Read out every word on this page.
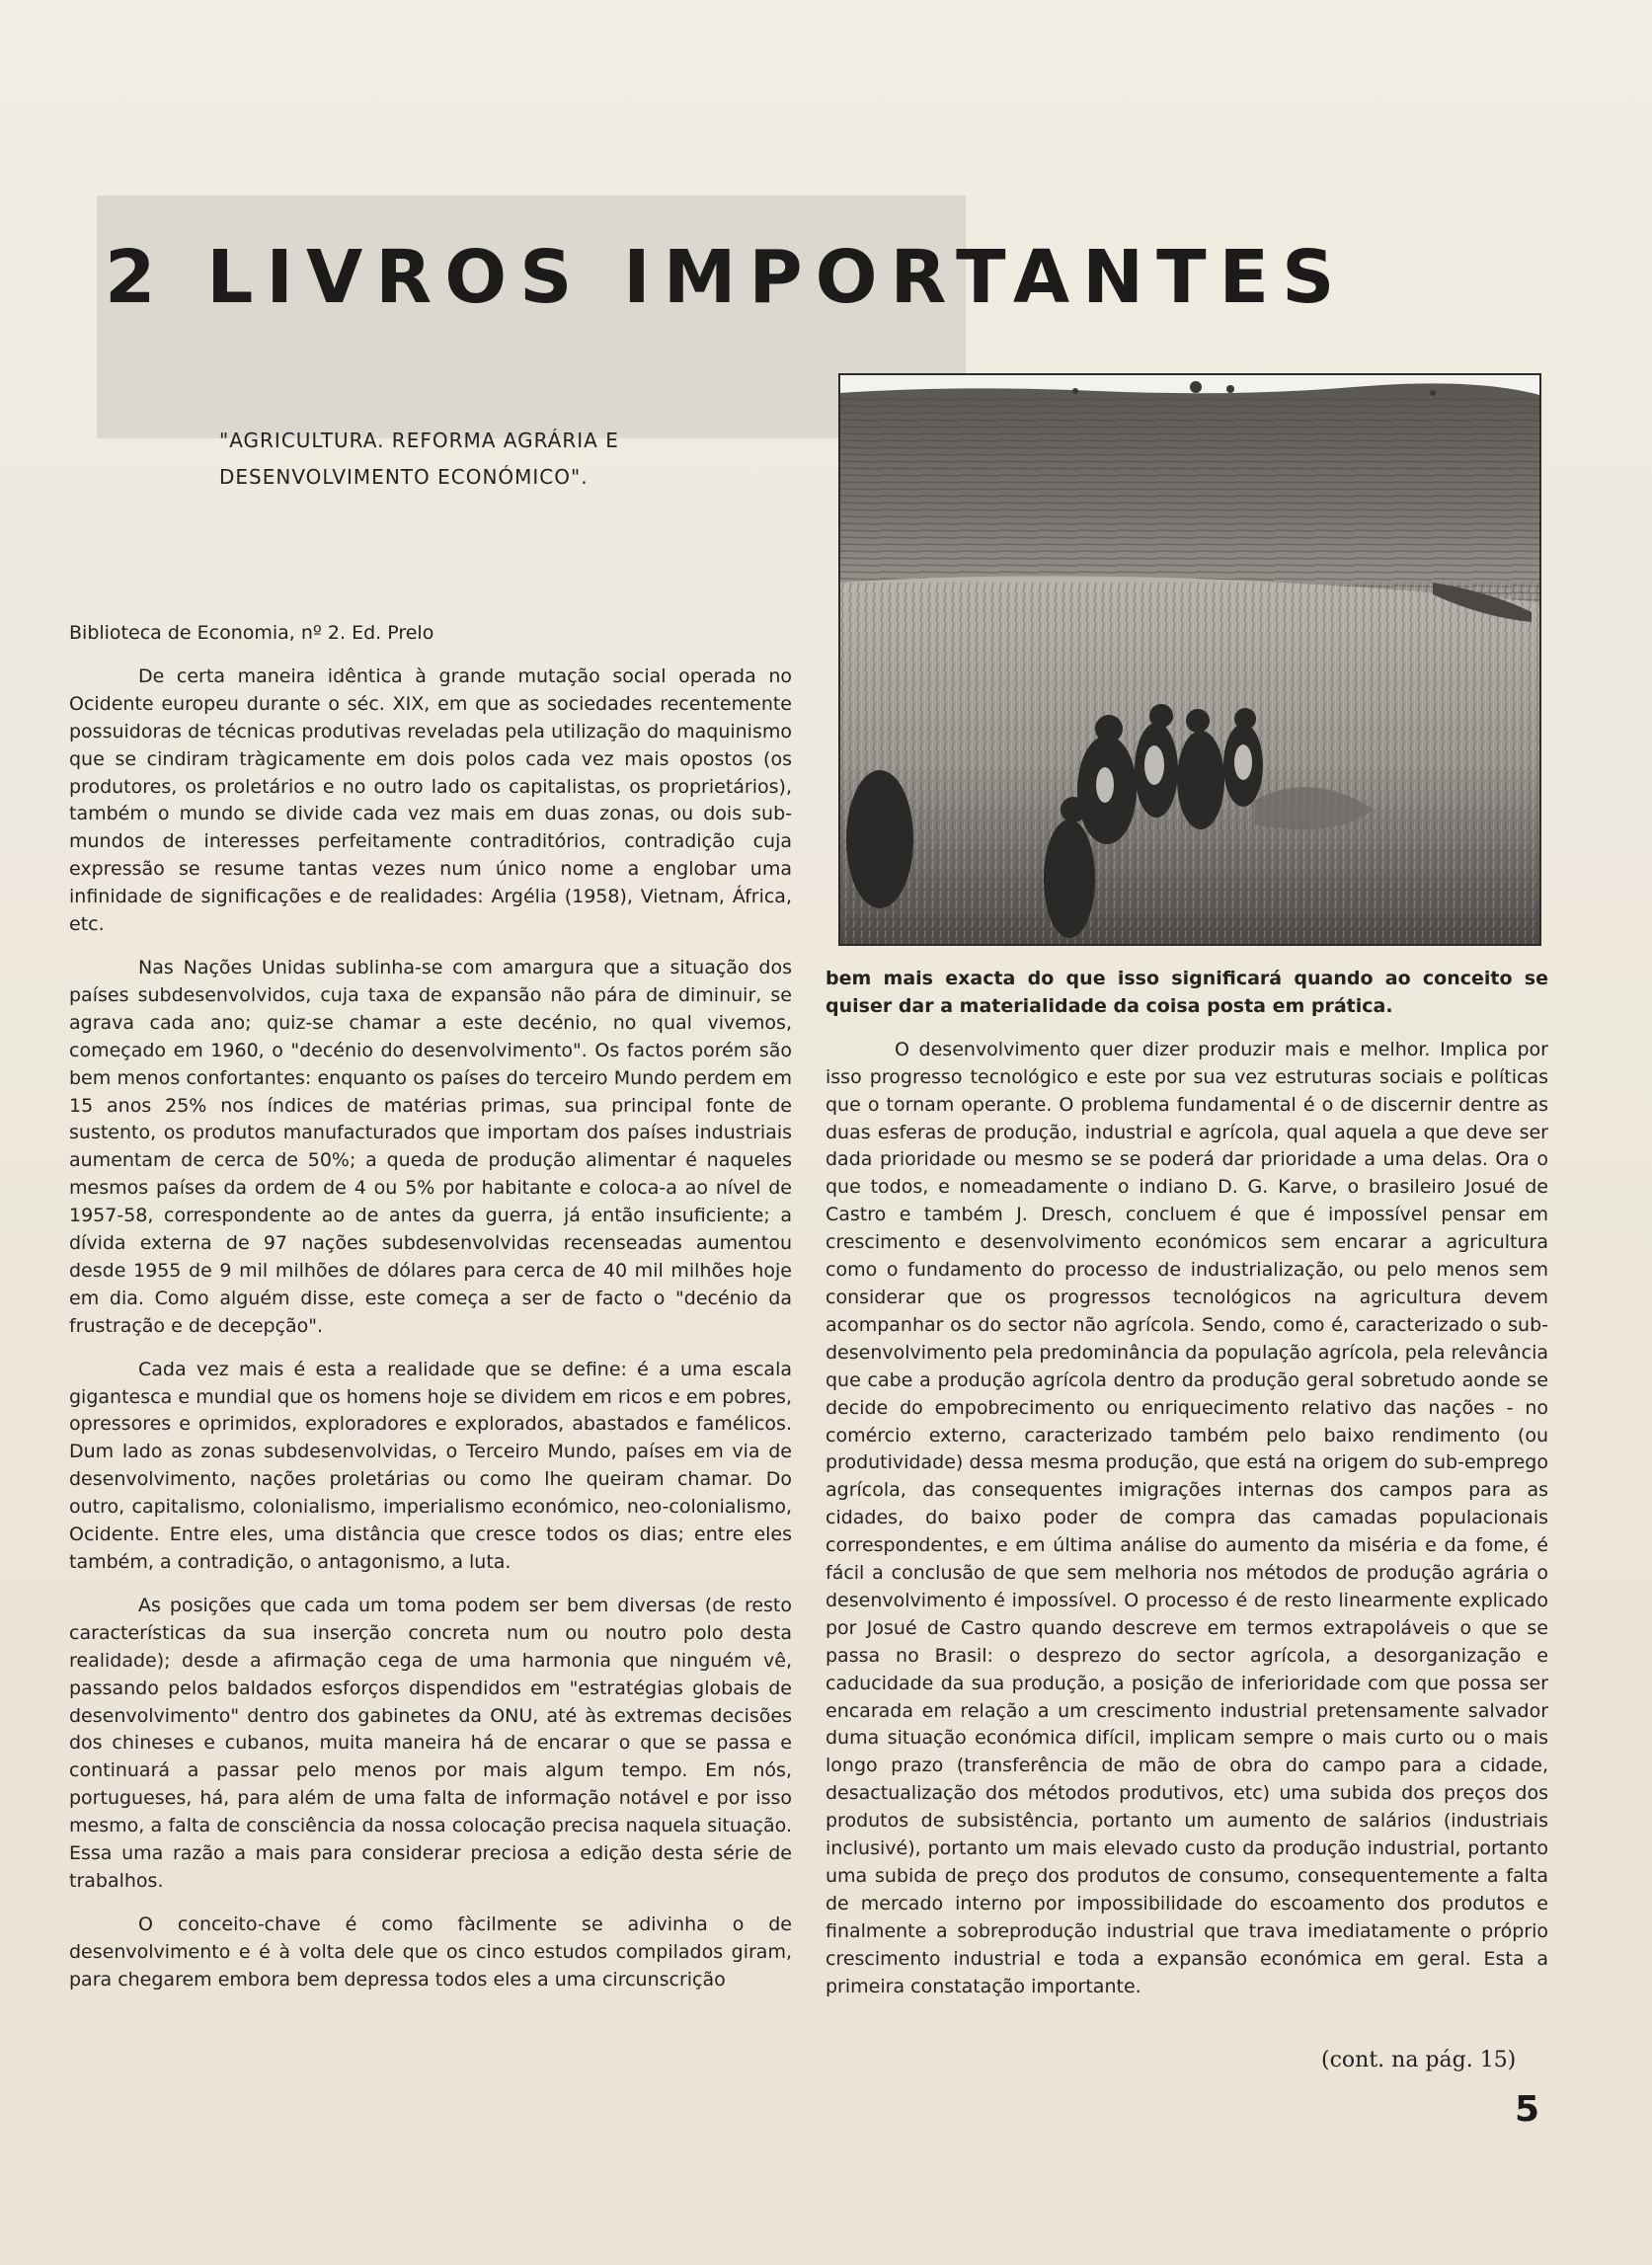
2 LIVROS IMPORTANTES
"AGRICULTURA. REFORMA AGRÁRIA E
DESENVOLVIMENTO ECONÓMICO".

Biblioteca de Economia, nº 2. Ed. Prelo

De certa maneira idêntica à grande mutação social operada no Ocidente europeu durante o séc. XIX, em que as sociedades recentemente possuidoras de técnicas produtivas reveladas pela utilização do maquinismo que se cindiram tràgicamente em dois polos cada vez mais opostos (os produtores, os proletários e no outro lado os capitalistas, os proprietários), também o mundo se divide cada vez mais em duas zonas, ou dois sub-mundos de interesses perfeitamente contraditórios, contradição cuja expressão se resume tantas vezes num único nome a englobar uma infinidade de significações e de realidades: Argélia (1958), Vietnam, África, etc.

Nas Nações Unidas sublinha-se com amargura que a situação dos países subdesenvolvidos, cuja taxa de expansão não pára de diminuir, se agrava cada ano; quiz-se chamar a este decénio, no qual vivemos, começado em 1960, o "decénio do desenvolvimento". Os factos porém são bem menos confortantes: enquanto os países do terceiro Mundo perdem em 15 anos 25% nos índices de matérias primas, sua principal fonte de sustento, os produtos manufacturados que importam dos países industriais aumentam de cerca de 50%; a queda de produção alimentar é naqueles mesmos países da ordem de 4 ou 5% por habitante e coloca-a ao nível de 1957-58, correspondente ao de antes da guerra, já então insuficiente; a dívida externa de 97 nações subdesenvolvidas recenseadas aumentou desde 1955 de 9 mil milhões de dólares para cerca de 40 mil milhões hoje em dia. Como alguém disse, este começa a ser de facto o "decénio da frustração e de decepção".

Cada vez mais é esta a realidade que se define: é a uma escala gigantesca e mundial que os homens hoje se dividem em ricos e em pobres, opressores e oprimidos, exploradores e explorados, abastados e famélicos. Dum lado as zonas subdesenvolvidas, o Terceiro Mundo, países em via de desenvolvimento, nações proletárias ou como lhe queiram chamar. Do outro, capitalismo, colonialismo, imperialismo económico, neo-colonialismo, Ocidente. Entre eles, uma distância que cresce todos os dias; entre eles também, a contradição, o antagonismo, a luta.

As posições que cada um toma podem ser bem diversas (de resto características da sua inserção concreta num ou noutro polo desta realidade); desde a afirmação cega de uma harmonia que ninguém vê, passando pelos baldados esforços dispendidos em "estratégias globais de desenvolvimento" dentro dos gabinetes da ONU, até às extremas decisões dos chineses e cubanos, muita maneira há de encarar o que se passa e continuará a passar pelo menos por mais algum tempo. Em nós, portugueses, há, para além de uma falta de informação notável e por isso mesmo, a falta de consciência da nossa colocação precisa naquela situação. Essa uma razão a mais para considerar preciosa a edição desta série de trabalhos.

O conceito-chave é como fàcilmente se adivinha o de desenvolvimento e é à volta dele que os cinco estudos compilados giram, para chegarem embora bem depressa todos eles a uma circunscrição

bem mais exacta do que isso significará quando ao conceito se quiser dar a materialidade da coisa posta em prática.

O desenvolvimento quer dizer produzir mais e melhor. Implica por isso progresso tecnológico e este por sua vez estruturas sociais e políticas que o tornam operante. O problema fundamental é o de discernir dentre as duas esferas de produção, industrial e agrícola, qual aquela a que deve ser dada prioridade ou mesmo se se poderá dar prioridade a uma delas. Ora o que todos, e nomeadamente o indiano D. G. Karve, o brasileiro Josué de Castro e também J. Dresch, concluem é que é impossível pensar em crescimento e desenvolvimento económicos sem encarar a agricultura como o fundamento do processo de industrialização, ou pelo menos sem considerar que os progressos tecnológicos na agricultura devem acompanhar os do sector não agrícola. Sendo, como é, caracterizado o sub-desenvolvimento pela predominância da população agrícola, pela relevância que cabe a produção agrícola dentro da produção geral sobretudo aonde se decide do empobrecimento ou enriquecimento relativo das nações - no comércio externo, caracterizado também pelo baixo rendimento (ou produtividade) dessa mesma produção, que está na origem do sub-emprego agrícola, das consequentes imigrações internas dos campos para as cidades, do baixo poder de compra das camadas populacionais correspondentes, e em última análise do aumento da miséria e da fome, é fácil a conclusão de que sem melhoria nos métodos de produção agrária o desenvolvimento é impossível. O processo é de resto linearmente explicado por Josué de Castro quando descreve em termos extrapoláveis o que se passa no Brasil: o desprezo do sector agrícola, a desorganização e caducidade da sua produção, a posição de inferioridade com que possa ser encarada em relação a um crescimento industrial pretensamente salvador duma situação económica difícil, implicam sempre o mais curto ou o mais longo prazo (transferência de mão de obra do campo para a cidade, desactualização dos métodos produtivos, etc) uma subida dos preços dos produtos de subsistência, portanto um aumento de salários (industriais inclusivé), portanto um mais elevado custo da produção industrial, portanto uma subida de preço dos produtos de consumo, consequentemente a falta de mercado interno por impossibilidade do escoamento dos produtos e finalmente a sobreprodução industrial que trava imediatamente o próprio crescimento industrial e toda a expansão económica em geral. Esta a primeira constatação importante.

(cont. na pág. 15)
5
